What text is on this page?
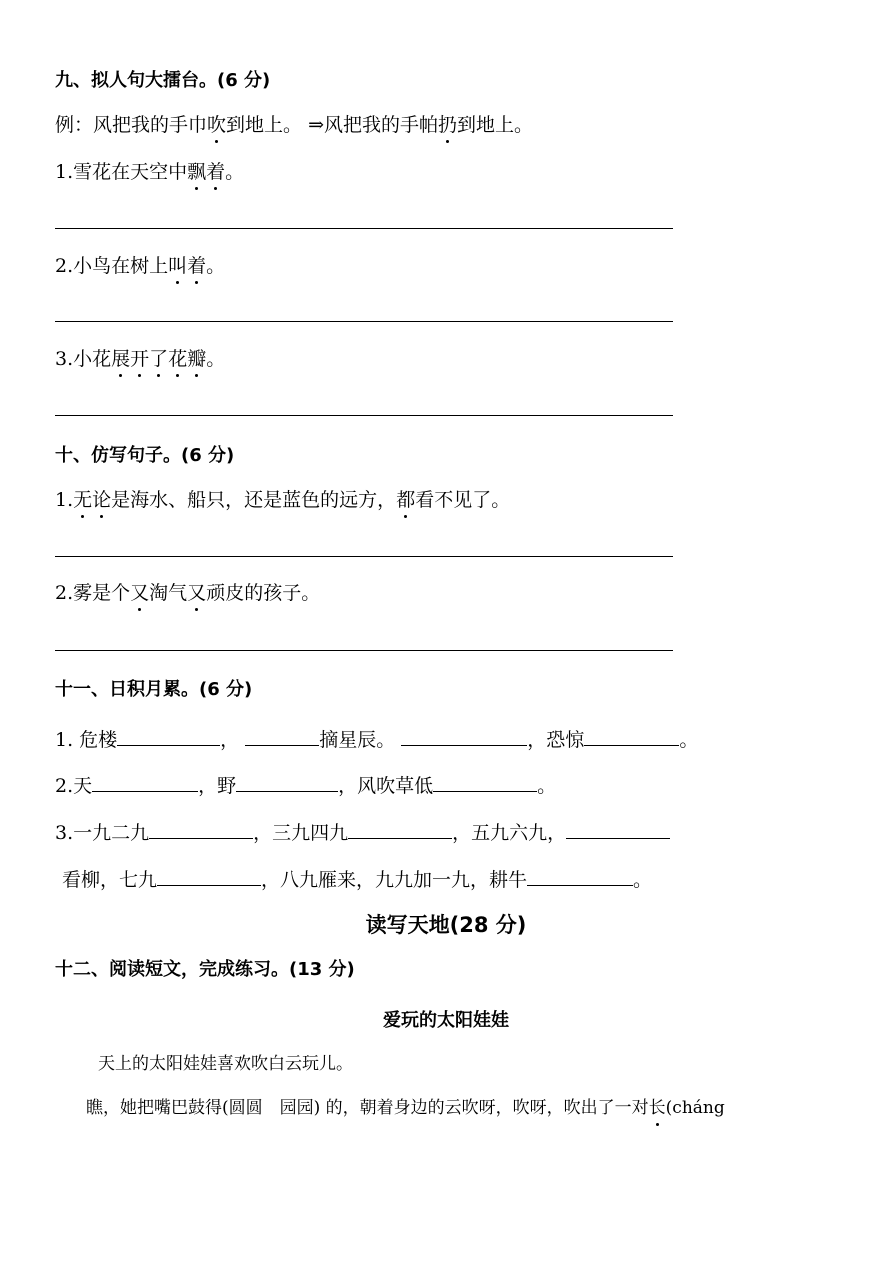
九、拟人句大擂台。(6 分)
例：风把我的手巾吹到地上。 ⇒风把我的手帕扔到地上。
1.雪花在天空中飘着。
2.小鸟在树上叫着。
3.小花展开了花瓣。
十、仿写句子。(6 分)
1.无论是海水、船只，还是蓝色的远方，都看不见了。
2.雾是个又淘气又顽皮的孩子。
十一、日积月累。(6 分)
1. 危楼	，	摘星辰。	，恐惊	。
2.天	，野	，风吹草低	。
3.一九二九	，三九四九	，五九六九，
看柳，七九	，八九雁来，九九加一九，耕牛	。
读写天地(28 分)
十二、阅读短文，完成练习。(13 分)
爱玩的太阳娃娃
天上的太阳娃娃喜欢吹白云玩儿。
瞧，她把嘴巴鼓得(圆圆　园园) 的，朝着身边的云吹呀，吹呀，吹出了一对长(cháng
